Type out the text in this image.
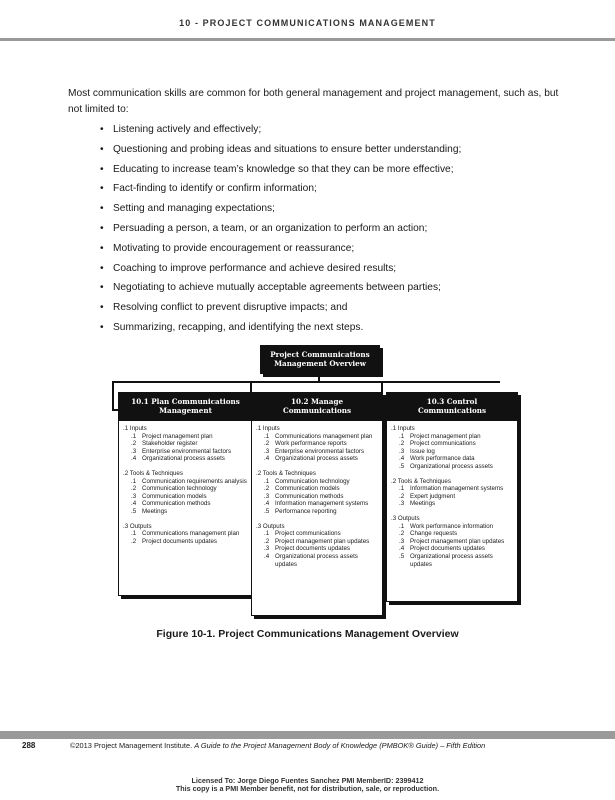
10 - PROJECT COMMUNICATIONS MANAGEMENT

Most communication skills are common for both general management and project management, such as, but not limited to:

• Listening actively and effectively;
• Questioning and probing ideas and situations to ensure better understanding;
• Educating to increase team’s knowledge so that they can be more effective;
• Fact-finding to identify or confirm information;
• Setting and managing expectations;
• Persuading a person, a team, or an organization to perform an action;
• Motivating to provide encouragement or reassurance;
• Coaching to improve performance and achieve desired results;
• Negotiating to achieve mutually acceptable agreements between parties;
• Resolving conflict to prevent disruptive impacts; and
• Summarizing, recapping, and identifying the next steps.
Project Communications
Management Overview
10.1 Plan Communications
Management
.1 Inputs
.1 Project management plan
.2 Stakeholder register
.3 Enterprise environmental factors
.4 Organizational process assets
.2 Tools & Techniques
.1 Communication requirements analysis
.2 Communication technology
.3 Communication models
.4 Communication methods
.5 Meetings
.3 Outputs
.1 Communications management plan
.2 Project documents updates
10.2 Manage
Communications
.1 Inputs
.1 Communications management plan
.2 Work performance reports
.3 Enterprise environmental factors
.4 Organizational process assets
.2 Tools & Techniques
.1 Communication technology
.2 Communication models
.3 Communication methods
.4 Information management systems
.5 Performance reporting
.3 Outputs
.1 Project communications
.2 Project management plan updates
.3 Project documents updates
.4 Organizational process assets updates
10.3 Control
Communications
.1 Inputs
.1 Project management plan
.2 Project communications
.3 Issue log
.4 Work performance data
.5 Organizational process assets
.2 Tools & Techniques
.1 Information management systems
.2 Expert judgment
.3 Meetings
.3 Outputs
.1 Work performance information
.2 Change requests
.3 Project management plan updates
.4 Project documents updates
.5 Organizational process assets updates
Figure 10-1. Project Communications Management Overview
288	©2013 Project Management Institute. A Guide to the Project Management Body of Knowledge (PMBOK® Guide) – Fifth Edition
Licensed To: Jorge Diego Fuentes Sanchez PMI MemberID: 2399412
This copy is a PMI Member benefit, not for distribution, sale, or reproduction.
